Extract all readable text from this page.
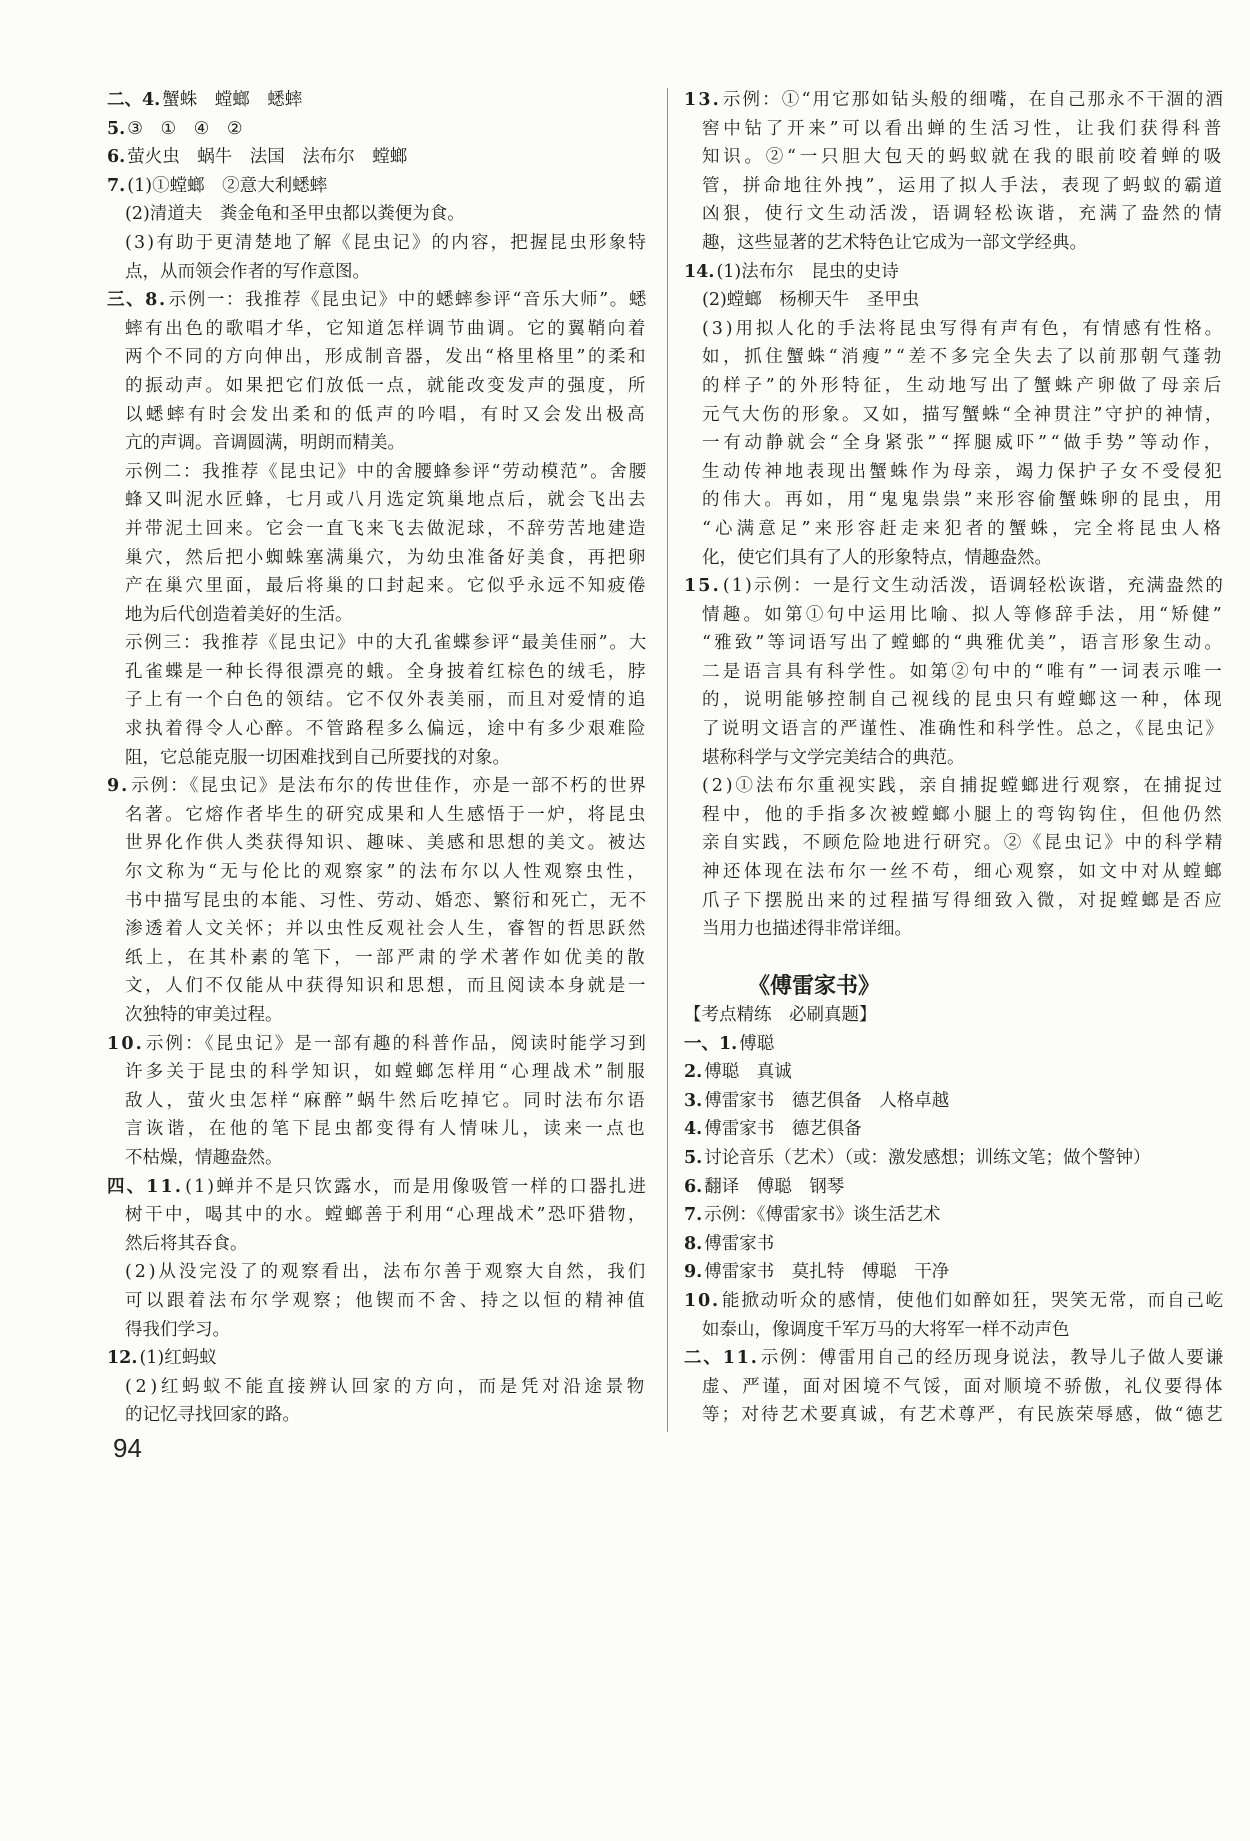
二、4. 蟹蛛　螳螂　蟋蟀
5. ③　①　④　②
6. 萤火虫　蜗牛　法国　法布尔　螳螂
7. (1)①螳螂　②意大利蟋蟀
(2)清道夫　粪金龟和圣甲虫都以粪便为食。
(3)有助于更清楚地了解《昆虫记》的内容，把握昆虫形象特
点，从而领会作者的写作意图。
三、8. 示例一：我推荐《昆虫记》中的蟋蟀参评“音乐大师”。蟋
蟀有出色的歌唱才华，它知道怎样调节曲调。它的翼鞘向着
两个不同的方向伸出，形成制音器，发出“格里格里”的柔和
的振动声。如果把它们放低一点，就能改变发声的强度，所
以蟋蟀有时会发出柔和的低声的吟唱，有时又会发出极高
亢的声调。音调圆满，明朗而精美。
示例二：我推荐《昆虫记》中的舍腰蜂参评“劳动模范”。舍腰
蜂又叫泥水匠蜂，七月或八月选定筑巢地点后，就会飞出去
并带泥土回来。它会一直飞来飞去做泥球，不辞劳苦地建造
巢穴，然后把小蜘蛛塞满巢穴，为幼虫准备好美食，再把卵
产在巢穴里面，最后将巢的口封起来。它似乎永远不知疲倦
地为后代创造着美好的生活。
示例三：我推荐《昆虫记》中的大孔雀蝶参评“最美佳丽”。大
孔雀蝶是一种长得很漂亮的蛾。全身披着红棕色的绒毛，脖
子上有一个白色的领结。它不仅外表美丽，而且对爱情的追
求执着得令人心醉。不管路程多么偏远，途中有多少艰难险
阻，它总能克服一切困难找到自己所要找的对象。
9. 示例：《昆虫记》是法布尔的传世佳作，亦是一部不朽的世界
名著。它熔作者毕生的研究成果和人生感悟于一炉，将昆虫
世界化作供人类获得知识、趣味、美感和思想的美文。被达
尔文称为“无与伦比的观察家”的法布尔以人性观察虫性，
书中描写昆虫的本能、习性、劳动、婚恋、繁衍和死亡，无不
渗透着人文关怀；并以虫性反观社会人生，睿智的哲思跃然
纸上，在其朴素的笔下，一部严肃的学术著作如优美的散
文，人们不仅能从中获得知识和思想，而且阅读本身就是一
次独特的审美过程。
10. 示例：《昆虫记》是一部有趣的科普作品，阅读时能学习到
许多关于昆虫的科学知识，如螳螂怎样用“心理战术”制服
敌人，萤火虫怎样“麻醉”蜗牛然后吃掉它。同时法布尔语
言诙谐，在他的笔下昆虫都变得有人情味儿，读来一点也
不枯燥，情趣盎然。
四、11. (1)蝉并不是只饮露水，而是用像吸管一样的口器扎进
树干中，喝其中的水。螳螂善于利用“心理战术”恐吓猎物，
然后将其吞食。
(2)从没完没了的观察看出，法布尔善于观察大自然，我们
可以跟着法布尔学观察；他锲而不舍、持之以恒的精神值
得我们学习。
12. (1)红蚂蚁
(2)红蚂蚁不能直接辨认回家的方向，而是凭对沿途景物
的记忆寻找回家的路。
13. 示例：①“用它那如钻头般的细嘴，在自己那永不干涸的酒
窖中钻了开来”可以看出蝉的生活习性，让我们获得科普
知识。②“一只胆大包天的蚂蚁就在我的眼前咬着蝉的吸
管，拼命地往外拽”，运用了拟人手法，表现了蚂蚁的霸道
凶狠，使行文生动活泼，语调轻松诙谐，充满了盎然的情
趣，这些显著的艺术特色让它成为一部文学经典。
14. (1)法布尔　昆虫的史诗
(2)螳螂　杨柳天牛　圣甲虫
(3)用拟人化的手法将昆虫写得有声有色，有情感有性格。
如，抓住蟹蛛“消瘦”“差不多完全失去了以前那朝气蓬勃
的样子”的外形特征，生动地写出了蟹蛛产卵做了母亲后
元气大伤的形象。又如，描写蟹蛛“全神贯注”守护的神情，
一有动静就会“全身紧张”“挥腿威吓”“做手势”等动作，
生动传神地表现出蟹蛛作为母亲，竭力保护子女不受侵犯
的伟大。再如，用“鬼鬼祟祟”来形容偷蟹蛛卵的昆虫，用
“心满意足”来形容赶走来犯者的蟹蛛，完全将昆虫人格
化，使它们具有了人的形象特点，情趣盎然。
15. (1)示例：一是行文生动活泼，语调轻松诙谐，充满盎然的
情趣。如第①句中运用比喻、拟人等修辞手法，用“矫健”
“雅致”等词语写出了螳螂的“典雅优美”，语言形象生动。
二是语言具有科学性。如第②句中的“唯有”一词表示唯一
的，说明能够控制自己视线的昆虫只有螳螂这一种，体现
了说明文语言的严谨性、准确性和科学性。总之，《昆虫记》
堪称科学与文学完美结合的典范。
(2)①法布尔重视实践，亲自捕捉螳螂进行观察，在捕捉过
程中，他的手指多次被螳螂小腿上的弯钩钩住，但他仍然
亲自实践，不顾危险地进行研究。②《昆虫记》中的科学精
神还体现在法布尔一丝不苟，细心观察，如文中对从螳螂
爪子下摆脱出来的过程描写得细致入微，对捉螳螂是否应
当用力也描述得非常详细。
《傅雷家书》
【考点精练　必刷真题】
一、1. 傅聪
2. 傅聪　真诚
3. 傅雷家书　德艺俱备　人格卓越
4. 傅雷家书　德艺俱备
5. 讨论音乐（艺术）（或：激发感想；训练文笔；做个警钟）
6. 翻译　傅聪　钢琴
7. 示例：《傅雷家书》谈生活艺术
8. 傅雷家书
9. 傅雷家书　莫扎特　傅聪　干净
10. 能掀动听众的感情，使他们如醉如狂，哭笑无常，而自己屹
如泰山，像调度千军万马的大将军一样不动声色
二、11. 示例：傅雷用自己的经历现身说法，教导儿子做人要谦
虚、严谨，面对困境不气馁，面对顺境不骄傲，礼仪要得体
等；对待艺术要真诚，有艺术尊严，有民族荣辱感，做“德艺
94
